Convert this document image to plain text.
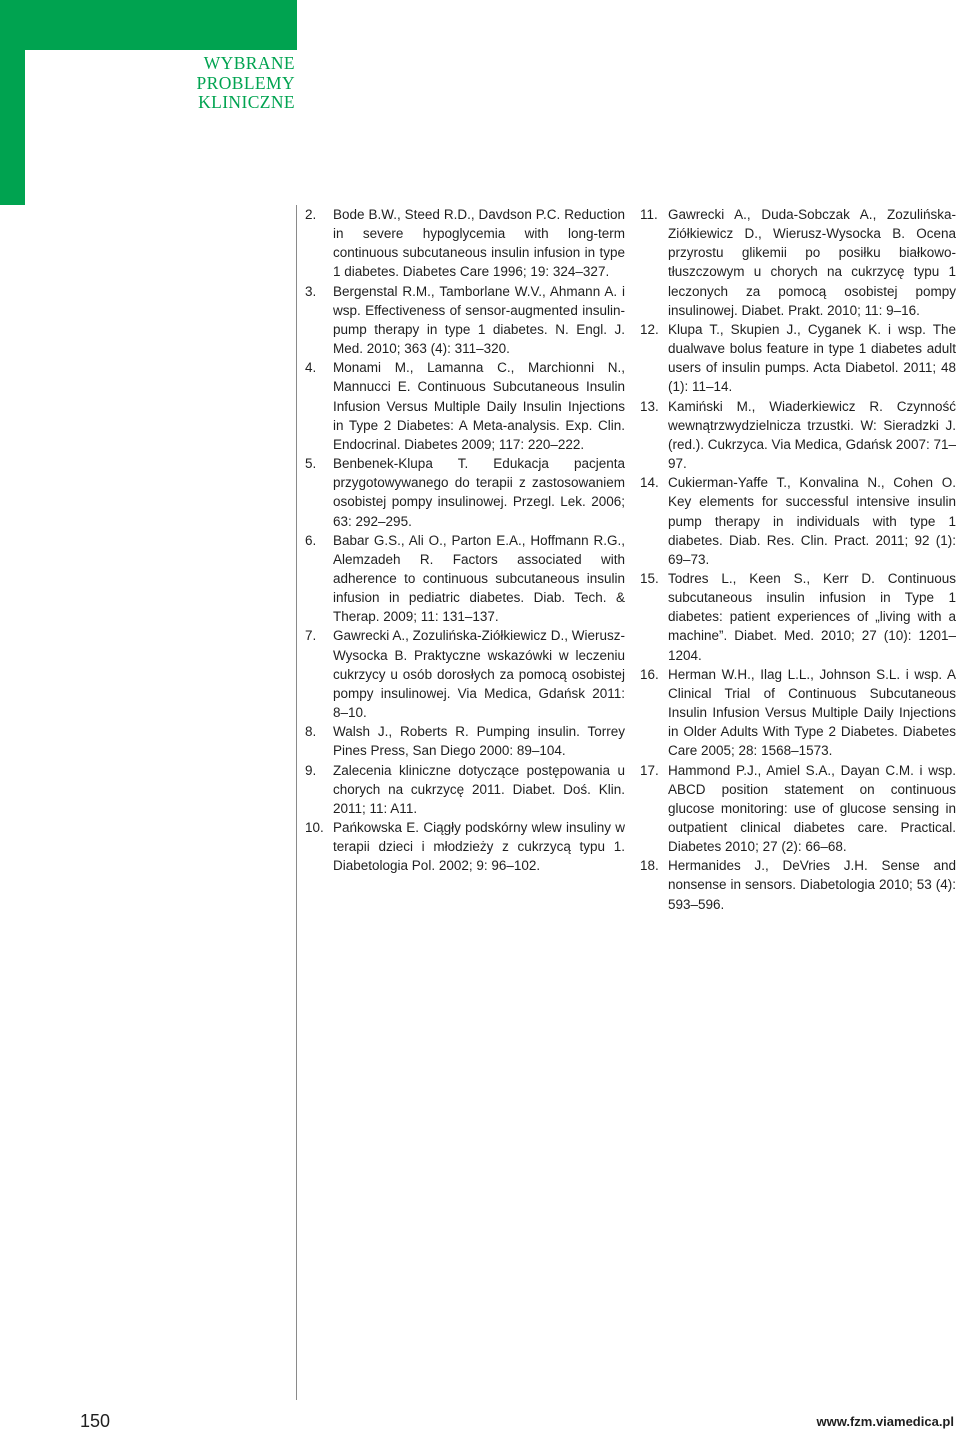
WYBRANE
PROBLEMY
KLINICZNE
2. Bode B.W., Steed R.D., Davdson P.C. Reduction in severe hypoglycemia with long-term continuous subcutaneous insulin infusion in type 1 diabetes. Diabetes Care 1996; 19: 324–327.
3. Bergenstal R.M., Tamborlane W.V., Ahmann A. i wsp. Effectiveness of sensor-augmented insulin-pump therapy in type 1 diabetes. N. Engl. J. Med. 2010; 363 (4): 311–320.
4. Monami M., Lamanna C., Marchionni N., Mannucci E. Continuous Subcutaneous Insulin Infusion Versus Multiple Daily Insulin Injections in Type 2 Diabetes: A Meta-analysis. Exp. Clin. Endocrinal. Diabetes 2009; 117: 220–222.
5. Benbenek-Klupa T. Edukacja pacjenta przygotowywanego do terapii z zastosowaniem osobistej pompy insulinowej. Przegl. Lek. 2006; 63: 292–295.
6. Babar G.S., Ali O., Parton E.A., Hoffmann R.G., Alemzadeh R. Factors associated with adherence to continuous subcutaneous insulin infusion in pediatric diabetes. Diab. Tech. & Therap. 2009; 11: 131–137.
7. Gawrecki A., Zozulińska-Ziółkiewicz D., Wierusz-Wysocka B. Praktyczne wskazówki w leczeniu cukrzycy u osób dorosłych za pomocą osobistej pompy insulinowej. Via Medica, Gdańsk 2011: 8–10.
8. Walsh J., Roberts R. Pumping insulin. Torrey Pines Press, San Diego 2000: 89–104.
9. Zalecenia kliniczne dotyczące postępowania u chorych na cukrzycę 2011. Diabet. Doś. Klin. 2011; 11: A11.
10. Pańkowska E. Ciągły podskórny wlew insuliny w terapii dzieci i młodzieży z cukrzycą typu 1. Diabetologia Pol. 2002; 9: 96–102.
11. Gawrecki A., Duda-Sobczak A., Zozulińska-Ziółkiewicz D., Wierusz-Wysocka B. Ocena przyrostu glikemii po posiłku białkowo-tłuszczowym u chorych na cukrzycę typu 1 leczonych za pomocą osobistej pompy insulinowej. Diabet. Prakt. 2010; 11: 9–16.
12. Klupa T., Skupien J., Cyganek K. i wsp. The dualwave bolus feature in type 1 diabetes adult users of insulin pumps. Acta Diabetol. 2011; 48 (1): 11–14.
13. Kamiński M., Wiaderkiewicz R. Czynność wewnątrzwydzielnicza trzustki. W: Sieradzki J. (red.). Cukrzyca. Via Medica, Gdańsk 2007: 71–97.
14. Cukierman-Yaffe T., Konvalina N., Cohen O. Key elements for successful intensive insulin pump therapy in individuals with type 1 diabetes. Diab. Res. Clin. Pract. 2011; 92 (1): 69–73.
15. Todres L., Keen S., Kerr D. Continuous subcutaneous insulin infusion in Type 1 diabetes: patient experiences of „living with a machine”. Diabet. Med. 2010; 27 (10): 1201–1204.
16. Herman W.H., Ilag L.L., Johnson S.L. i wsp. A Clinical Trial of Continuous Subcutaneous Insulin Infusion Versus Multiple Daily Injections in Older Adults With Type 2 Diabetes. Diabetes Care 2005; 28: 1568–1573.
17. Hammond P.J., Amiel S.A., Dayan C.M. i wsp. ABCD position statement on continuous glucose monitoring: use of glucose sensing in outpatient clinical diabetes care. Practical. Diabetes 2010; 27 (2): 66–68.
18. Hermanides J., DeVries J.H. Sense and nonsense in sensors. Diabetologia 2010; 53 (4): 593–596.
150	www.fzm.viamedica.pl
